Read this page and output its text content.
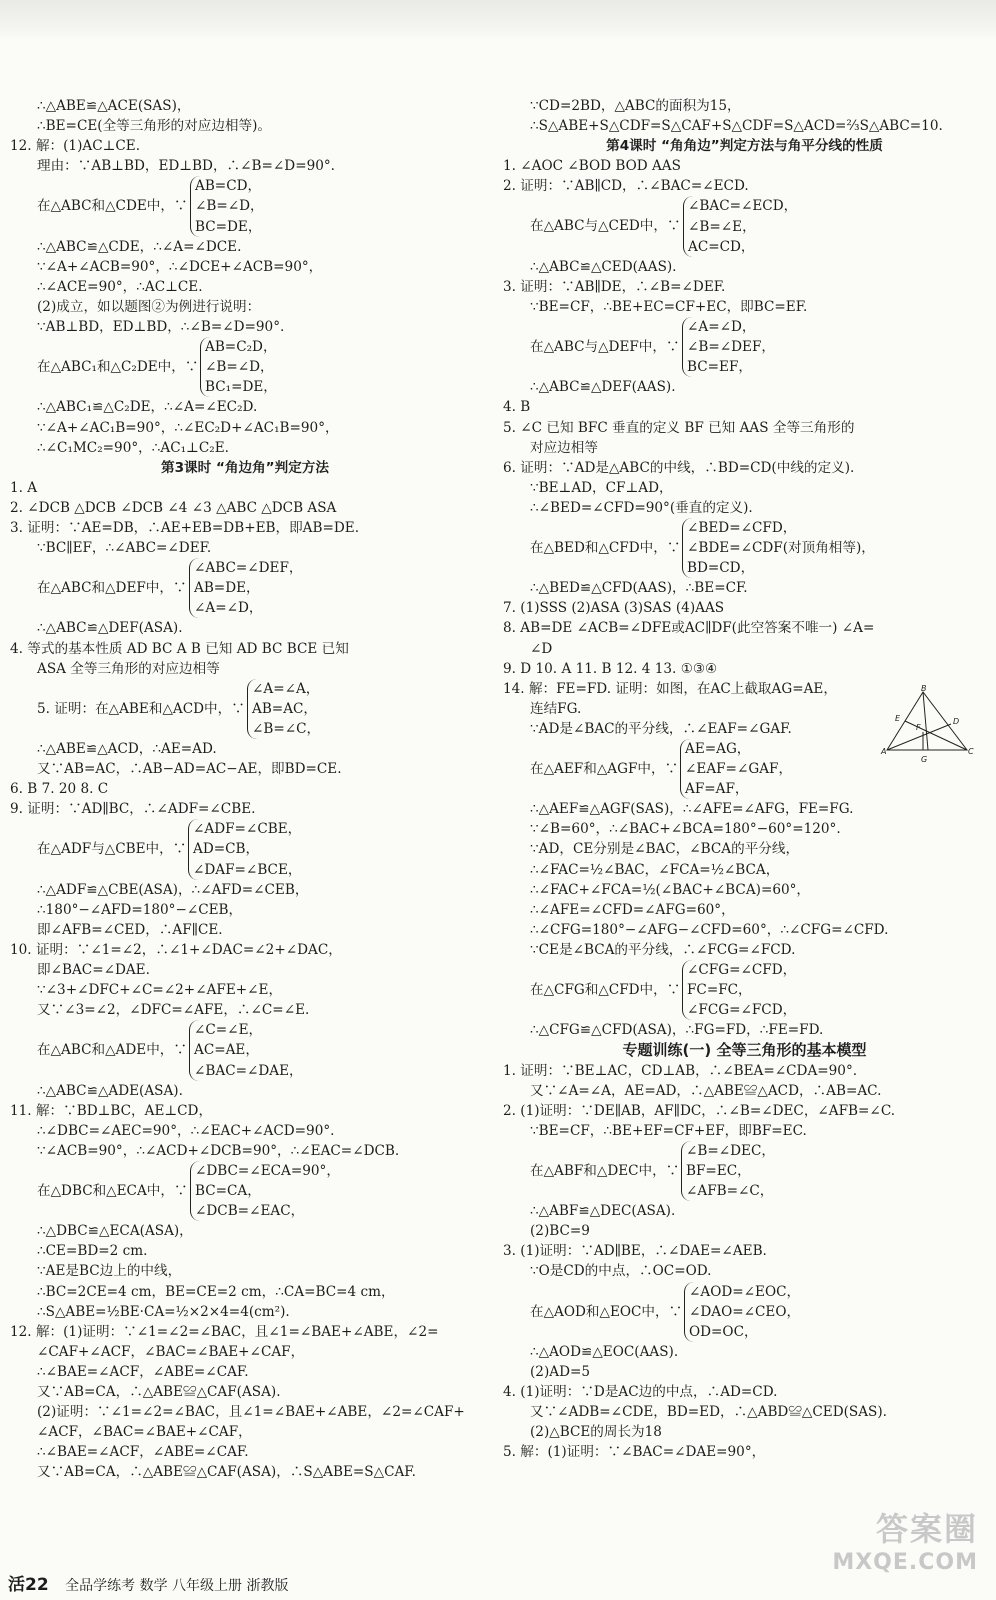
∴△ABE≌△ACE(SAS)，
∴BE=CE(全等三角形的对应边相等)。
12. 解：(1)AC⊥CE.
理由：∵AB⊥BD，ED⊥BD，∴∠B=∠D=90°.
在△ABC和△CDE中，∵
AB=CD，
∠B=∠D，
BC=DE，
∴△ABC≌△CDE，∴∠A=∠DCE.
∵∠A+∠ACB=90°，∴∠DCE+∠ACB=90°，
∴∠ACE=90°，∴AC⊥CE.
(2)成立，如以题图②为例进行说明：
∵AB⊥BD，ED⊥BD，∴∠B=∠D=90°.
在△ABC₁和△C₂DE中，∵
AB=C₂D，
∠B=∠D，
BC₁=DE，
∴△ABC₁≌△C₂DE，∴∠A=∠EC₂D.
∵∠A+∠AC₁B=90°，∴∠EC₂D+∠AC₁B=90°，
∴∠C₁MC₂=90°，∴AC₁⊥C₂E.
第3课时 “角边角”判定方法
1. A
2. ∠DCB △DCB ∠DCB ∠4 ∠3 △ABC △DCB ASA
3. 证明：∵AE=DB，∴AE+EB=DB+EB，即AB=DE.
∵BC∥EF，∴∠ABC=∠DEF.
在△ABC和△DEF中，∵
∠ABC=∠DEF，
AB=DE，
∠A=∠D，
∴△ABC≌△DEF(ASA).
4. 等式的基本性质 AD BC A B 已知 AD BC BCE 已知
ASA 全等三角形的对应边相等
5. 证明：在△ABE和△ACD中，∵
∠A=∠A，
AB=AC，
∠B=∠C，
∴△ABE≌△ACD，∴AE=AD.
又∵AB=AC，∴AB−AD=AC−AE，即BD=CE.
6. B 7. 20 8. C
9. 证明：∵AD∥BC，∴∠ADF=∠CBE.
在△ADF与△CBE中，∵
∠ADF=∠CBE，
AD=CB，
∠DAF=∠BCE，
∴△ADF≌△CBE(ASA)，∴∠AFD=∠CEB，
∴180°−∠AFD=180°−∠CEB，
即∠AFB=∠CED，∴AF∥CE.
10. 证明：∵∠1=∠2，∴∠1+∠DAC=∠2+∠DAC，
即∠BAC=∠DAE.
∵∠3+∠DFC+∠C=∠2+∠AFE+∠E，
又∵∠3=∠2，∠DFC=∠AFE，∴∠C=∠E.
在△ABC和△ADE中，∵
∠C=∠E，
AC=AE，
∠BAC=∠DAE，
∴△ABC≌△ADE(ASA).
11. 解：∵BD⊥BC，AE⊥CD，
∴∠DBC=∠AEC=90°，∴∠EAC+∠ACD=90°.
∵∠ACB=90°，∴∠ACD+∠DCB=90°，∴∠EAC=∠DCB.
在△DBC和△ECA中，∵
∠DBC=∠ECA=90°，
BC=CA，
∠DCB=∠EAC，
∴△DBC≌△ECA(ASA)，
∴CE=BD=2 cm.
∵AE是BC边上的中线，
∴BC=2CE=4 cm，BE=CE=2 cm，∴CA=BC=4 cm，
∴S△ABE=½BE·CA=½×2×4=4(cm²).
12. 解：(1)证明：∵∠1=∠2=∠BAC，且∠1=∠BAE+∠ABE，∠2=
∠CAF+∠ACF，∠BAC=∠BAE+∠CAF，
∴∠BAE=∠ACF，∠ABE=∠CAF.
又∵AB=CA，∴△ABE≌△CAF(ASA).
(2)证明：∵∠1=∠2=∠BAC，且∠1=∠BAE+∠ABE，∠2=∠CAF+
∠ACF，∠BAC=∠BAE+∠CAF，
∴∠BAE=∠ACF，∠ABE=∠CAF.
又∵AB=CA，∴△ABE≌△CAF(ASA)，∴S△ABE=S△CAF.
∵CD=2BD，△ABC的面积为15，
∴S△ABE+S△CDF=S△CAF+S△CDF=S△ACD=⅔S△ABC=10.
第4课时 “角角边”判定方法与角平分线的性质
1. ∠AOC ∠BOD BOD AAS
2. 证明：∵AB∥CD，∴∠BAC=∠ECD.
在△ABC与△CED中，∵
∠BAC=∠ECD，
∠B=∠E，
AC=CD，
∴△ABC≌△CED(AAS).
3. 证明：∵AB∥DE，∴∠B=∠DEF.
∵BE=CF，∴BE+EC=CF+EC，即BC=EF.
在△ABC与△DEF中，∵
∠A=∠D，
∠B=∠DEF，
BC=EF，
∴△ABC≌△DEF(AAS).
4. B
5. ∠C 已知 BFC 垂直的定义 BF 已知 AAS 全等三角形的
对应边相等
6. 证明：∵AD是△ABC的中线，∴BD=CD(中线的定义).
∵BE⊥AD，CF⊥AD，
∴∠BED=∠CFD=90°(垂直的定义).
在△BED和△CFD中，∵
∠BED=∠CFD，
∠BDE=∠CDF(对顶角相等)，
BD=CD，
∴△BED≌△CFD(AAS)，∴BE=CF.
7. (1)SSS (2)ASA (3)SAS (4)AAS
8. AB=DE ∠ACB=∠DFE或AC∥DF(此空答案不唯一) ∠A=
∠D
9. D 10. A 11. B 12. 4 13. ①③④
14. 解：FE=FD. 证明：如图，在AC上截取AG=AE，
连结FG.
∵AD是∠BAC的平分线，∴∠EAF=∠GAF.
在△AEF和△AGF中，∵
AE=AG，
∠EAF=∠GAF，
AF=AF，
∴△AEF≌△AGF(SAS)，∴∠AFE=∠AFG，FE=FG.
∵∠B=60°，∴∠BAC+∠BCA=180°−60°=120°.
∵AD，CE分别是∠BAC，∠BCA的平分线，
∴∠FAC=½∠BAC，∠FCA=½∠BCA，
∴∠FAC+∠FCA=½(∠BAC+∠BCA)=60°，
∴∠AFE=∠CFD=∠AFG=60°，
∴∠CFG=180°−∠AFG−∠CFD=60°，∴∠CFG=∠CFD.
∵CE是∠BCA的平分线，∴∠FCG=∠FCD.
在△CFG和△CFD中，∵
∠CFG=∠CFD，
FC=FC，
∠FCG=∠FCD，
∴△CFG≌△CFD(ASA)，∴FG=FD，∴FE=FD.
专题训练(一) 全等三角形的基本模型
1. 证明：∵BE⊥AC，CD⊥AB，∴∠BEA=∠CDA=90°.
又∵∠A=∠A，AE=AD，∴△ABE≌△ACD，∴AB=AC.
2. (1)证明：∵DE∥AB，AF∥DC，∴∠B=∠DEC，∠AFB=∠C.
∵BE=CF，∴BE+EF=CF+EF，即BF=EC.
在△ABF和△DEC中，∵
∠B=∠DEC，
BF=EC，
∠AFB=∠C，
∴△ABF≌△DEC(ASA).
(2)BC=9
3. (1)证明：∵AD∥BE，∴∠DAE=∠AEB.
∵O是CD的中点，∴OC=OD.
在△AOD和△EOC中，∵
∠AOD=∠EOC，
∠DAO=∠CEO，
OD=OC，
∴△AOD≌△EOC(AAS).
(2)AD=5
4. (1)证明：∵D是AC边的中点，∴AD=CD.
又∵∠ADB=∠CDE，BD=ED，∴△ABD≌△CED(SAS).
(2)△BCE的周长为18
5. 解：(1)证明：∵∠BAC=∠DAE=90°，
B
E
F
D
A
G
C
活22 全品学练考 数学 八年级上册 浙教版
答案圈
MXQE.COM
